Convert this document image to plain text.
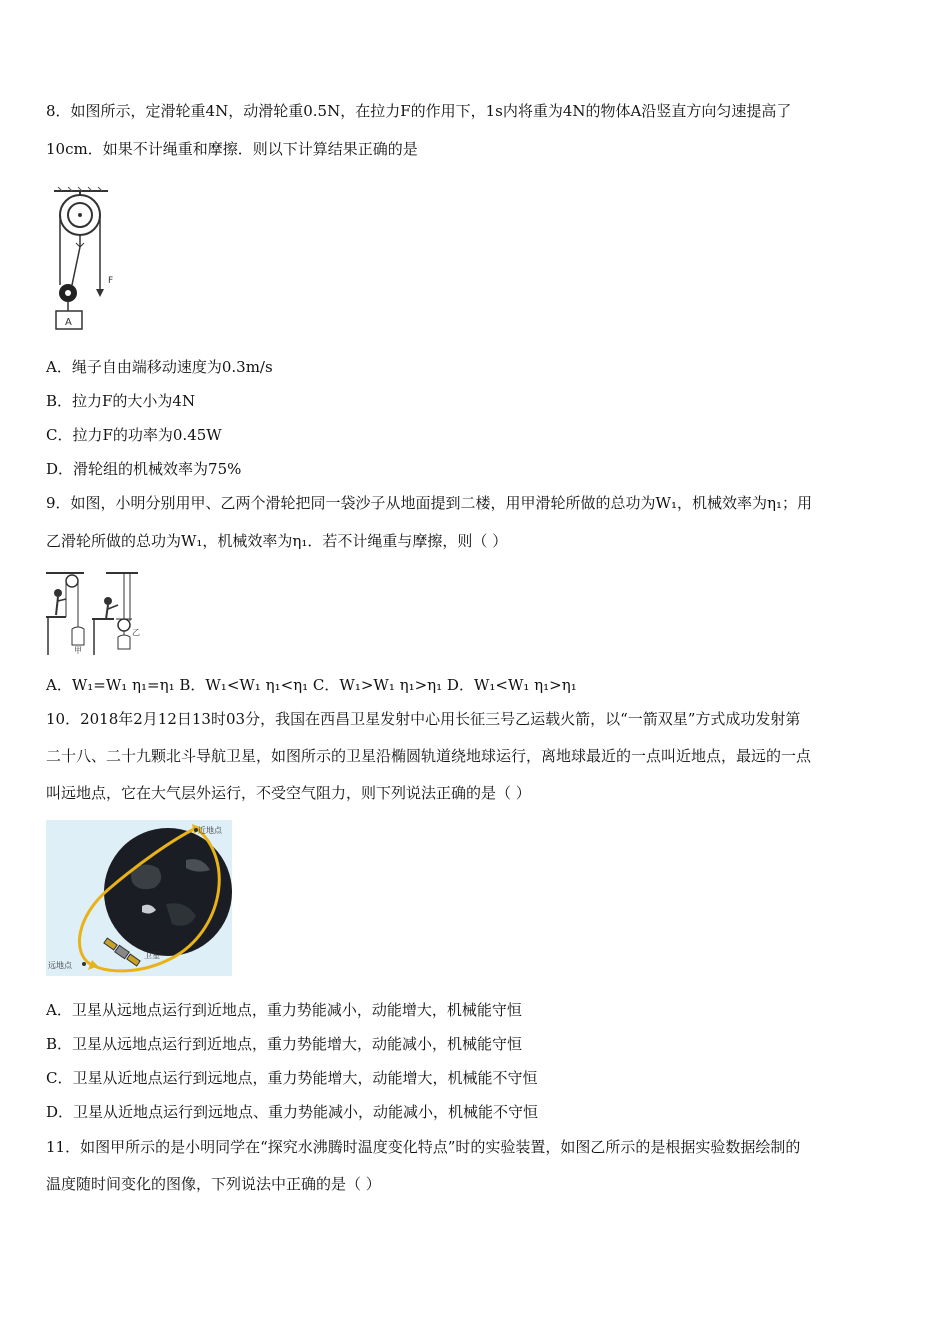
8．如图所示，定滑轮重4N，动滑轮重0.5N，在拉力F的作用下，1s内将重为4N的物体A沿竖直方向匀速提高了
10cm．如果不计绳重和摩擦．则以下计算结果正确的是
A
F
A．绳子自由端移动速度为0.3m/s
B．拉力F的大小为4N
C．拉力F的功率为0.45W
D．滑轮组的机械效率为75%
9．如图，小明分别用甲、乙两个滑轮把同一袋沙子从地面提到二楼，用甲滑轮所做的总功为W₁，机械效率为η₁；用
乙滑轮所做的总功为W₁，机械效率为η₁．若不计绳重与摩擦，则（ ）
甲
乙
A．W₁=W₁ η₁=η₁ B．W₁<W₁ η₁<η₁ C．W₁>W₁ η₁>η₁ D．W₁<W₁ η₁>η₁
10．2018年2月12日13时03分，我国在西昌卫星发射中心用长征三号乙运载火箭，以“一箭双星”方式成功发射第
二十八、二十九颗北斗导航卫星，如图所示的卫星沿椭圆轨道绕地球运行，离地球最近的一点叫近地点，最远的一点
叫远地点，它在大气层外运行，不受空气阻力，则下列说法正确的是（ ）
近地点
远地点
卫星
A．卫星从远地点运行到近地点，重力势能减小，动能增大，机械能守恒
B．卫星从远地点运行到近地点，重力势能增大，动能减小，机械能守恒
C．卫星从近地点运行到远地点，重力势能增大，动能增大，机械能不守恒
D．卫星从近地点运行到远地点、重力势能减小，动能减小，机械能不守恒
11．如图甲所示的是小明同学在“探究水沸腾时温度变化特点”时的实验装置，如图乙所示的是根据实验数据绘制的
温度随时间变化的图像，下列说法中正确的是（ ）
